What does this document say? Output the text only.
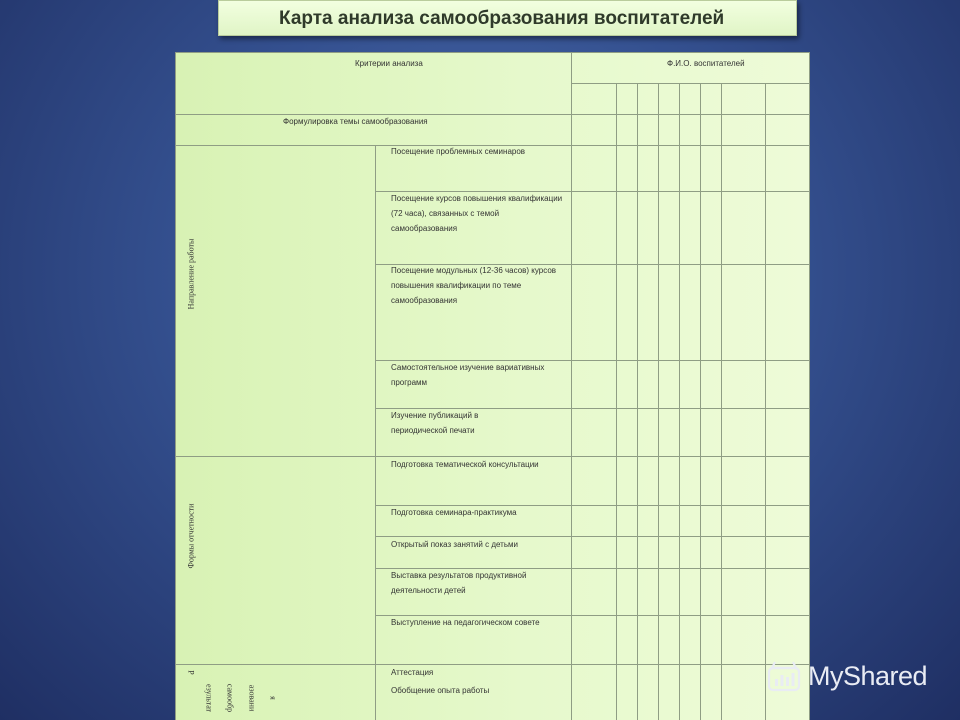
Карта анализа самообразования воспитателей
Критерии анализа	Ф.И.О. воспитателей
Формулировка темы самообразования
Направление работы
Формы отчетности
Р
езультат самообр азовани я
Посещение проблемных семинаров
Посещение курсов повышения квалификации (72 часа), связанных с темой самообразования
Посещение модульных (12-36 часов) курсов повышения квалификации по теме самообразования
Самостоятельное изучение вариативных программ
Изучение публикаций в периодической печати
Подготовка тематической консультации
Подготовка семинара-практикума
Открытый показ занятий с детьми
Выставка результатов продуктивной деятельности детей
Выступление на педагогическом совете
Аттестация
Обобщение опыта работы	MyShared
